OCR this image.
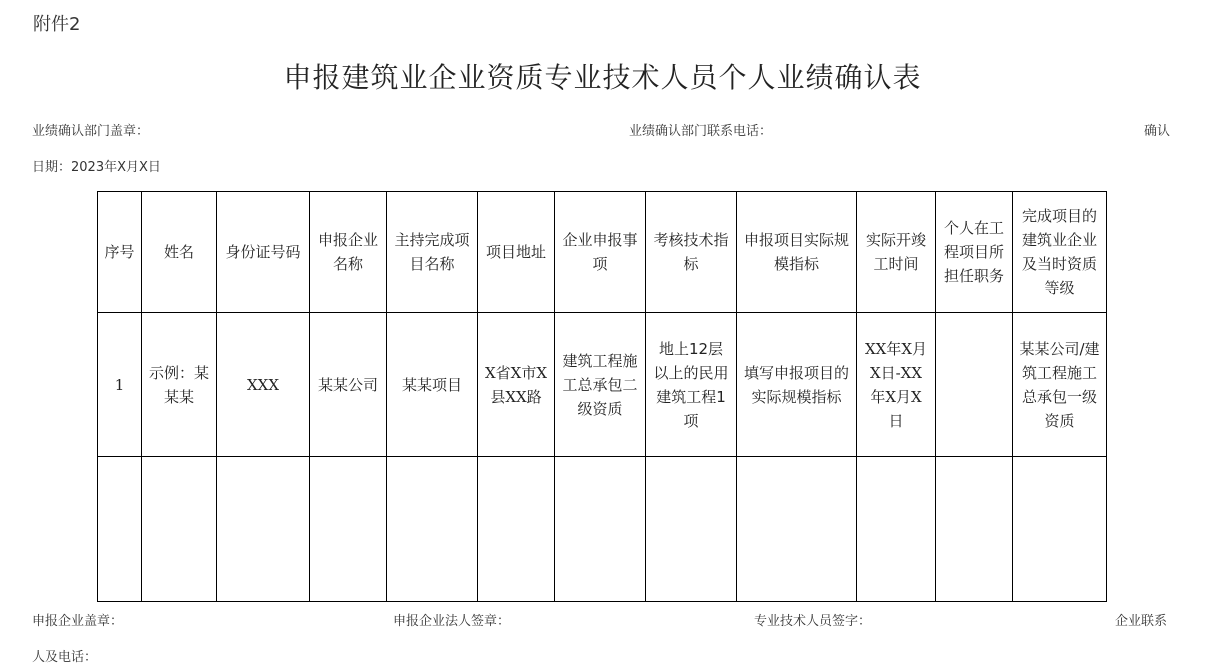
附件2
申报建筑业企业资质专业技术人员个人业绩确认表
业绩确认部门盖章：	业绩确认部门联系电话：	确认
日期：2023年X月X日
序号	姓名	身份证号码	申报企业名称	主持完成项目名称	项目地址	企业申报事项	考核技术指标	申报项目实际规模指标	实际开竣工时间	个人在工程项目所担任职务	完成项目的建筑业企业及当时资质等级
1	示例：某某某	XXX	某某公司	某某项目	X省X市X县XX路	建筑工程施工总承包二级资质	地上12层以上的民用建筑工程1项	填写申报项目的实际规模指标	XX年X月X日-XX年X月X日		某某公司/建筑工程施工总承包一级资质

申报企业盖章：	申报企业法人签章：	专业技术人员签字：	企业联系
人及电话：
